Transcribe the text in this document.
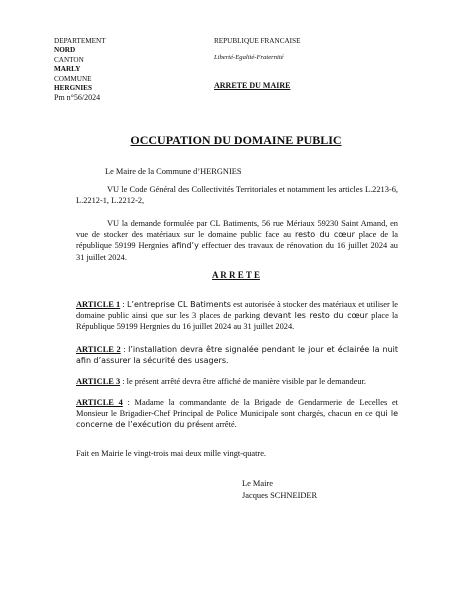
DEPARTEMENT
NORD
CANTON
MARLY
COMMUNE
HERGNIES
Pm n°56/2024
REPUBLIQUE FRANCAISE
Liberté-Egalité-Fraternité
ARRETE DU MAIRE
OCCUPATION DU DOMAINE PUBLIC
Le Maire de la Commune d’HERGNIES
VU le Code Général des Collectivités Territoriales et notamment les articles L.2213-6, L.2212-1, L.2212-2,
VU la demande formulée par CL Batiments, 56 rue Mériaux 59230 Saint Amand, en vue de stocker des matériaux sur le domaine public face au resto du cœur place de la république 59199 Hergnies afind’y effectuer des travaux de rénovation du 16 juillet 2024 au 31 juillet 2024.
A R R E T E
ARTICLE 1 : L’entreprise CL Batiments est autorisée à stocker des matériaux et utiliser le domaine public ainsi que sur les 3 places de parking devant les resto du cœur place la République 59199 Hergnies du 16 juillet 2024 au 31 juillet 2024.
ARTICLE 2 : l’installation devra être signalée pendant le jour et éclairée la nuit afin d’assurer la sécurité des usagers.
ARTICLE 3 : le présent arrêté devra être affiché de manière visible par le demandeur.
ARTICLE 4 : Madame la commandante de la Brigade de Gendarmerie de Lecelles et Monsieur le Brigadier-Chef Principal de Police Municipale sont chargés, chacun en ce qui le concerne de l’exécution du présent arrêté.
Fait en Mairie le vingt-trois mai deux mille vingt-quatre.
Le Maire
Jacques SCHNEIDER
